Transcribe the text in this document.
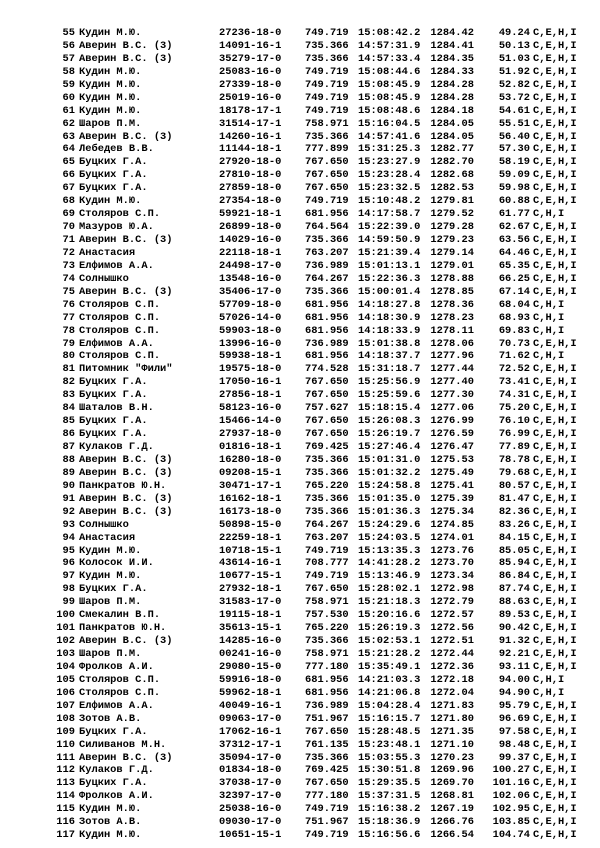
55 Кудин М.Ю.	27236-18-0	749.719 15:08:42.2 1284.42	49.24 C,E,H,I
56 Аверин В.С. (3)	14091-16-1	735.366 14:57:31.9 1284.41	50.13 C,E,H,I
57 Аверин В.С. (3)	35279-17-0	735.366 14:57:33.4 1284.35	51.03 C,E,H,I
58 Кудин М.Ю.	25083-16-0	749.719 15:08:44.6 1284.33	51.92 C,E,H,I
59 Кудин М.Ю.	27339-18-0	749.719 15:08:45.9 1284.28	52.82 C,E,H,I
60 Кудин М.Ю.	25019-16-0	749.719 15:08:45.9 1284.28	53.72 C,E,H,I
61 Кудин М.Ю.	18178-17-1	749.719 15:08:48.6 1284.18	54.61 C,E,H,I
62 Шаров П.М.	31514-17-1	758.971 15:16:04.5 1284.05	55.51 C,E,H,I
63 Аверин В.С. (3)	14260-16-1	735.366 14:57:41.6 1284.05	56.40 C,E,H,I
64 Лебедев В.В.	11144-18-1	777.899 15:31:25.3 1282.77	57.30 C,E,H,I
65 Буцких Г.А.	27920-18-0	767.650 15:23:27.9 1282.70	58.19 C,E,H,I
66 Буцких Г.А.	27810-18-0	767.650 15:23:28.4 1282.68	59.09 C,E,H,I
67 Буцких Г.А.	27859-18-0	767.650 15:23:32.5 1282.53	59.98 C,E,H,I
68 Кудин М.Ю.	27354-18-0	749.719 15:10:48.2 1279.81	60.88 C,E,H,I
69 Столяров С.П.	59921-18-1	681.956 14:17:58.7 1279.52	61.77 C,H,I
70 Мазуров Ю.А.	26899-18-0	764.564 15:22:39.0 1279.28	62.67 C,E,H,I
71 Аверин В.С. (3)	14029-16-0	735.366 14:59:50.9 1279.23	63.56 C,E,H,I
72 Анастасия	22118-18-1	763.207 15:21:39.4 1279.14	64.46 C,E,H,I
73 Елфимов А.А.	24498-17-0	736.989 15:01:13.1 1279.01	65.35 C,E,H,I
74 Солнышко	13548-16-0	764.267 15:22:36.3 1278.88	66.25 C,E,H,I
75 Аверин В.С. (3)	35406-17-0	735.366 15:00:01.4 1278.85	67.14 C,E,H,I
76 Столяров С.П.	57709-18-0	681.956 14:18:27.8 1278.36	68.04 C,H,I
77 Столяров С.П.	57026-14-0	681.956 14:18:30.9 1278.23	68.93 C,H,I
78 Столяров С.П.	59903-18-0	681.956 14:18:33.9 1278.11	69.83 C,H,I
79 Елфимов А.А.	13996-16-0	736.989 15:01:38.8 1278.06	70.73 C,E,H,I
80 Столяров С.П.	59938-18-1	681.956 14:18:37.7 1277.96	71.62 C,H,I
81 Питомник "Фили"	19575-18-0	774.528 15:31:18.7 1277.44	72.52 C,E,H,I
82 Буцких Г.А.	17050-16-1	767.650 15:25:56.9 1277.40	73.41 C,E,H,I
83 Буцких Г.А.	27856-18-1	767.650 15:25:59.6 1277.30	74.31 C,E,H,I
84 Шаталов В.Н.	58123-16-0	757.627 15:18:15.4 1277.06	75.20 C,E,H,I
85 Буцких Г.А.	15466-14-0	767.650 15:26:08.3 1276.99	76.10 C,E,H,I
86 Буцких Г.А.	27937-18-0	767.650 15:26:19.7 1276.59	76.99 C,E,H,I
87 Кулаков Г.Д.	01816-18-1	769.425 15:27:46.4 1276.47	77.89 C,E,H,I
88 Аверин В.С. (3)	16280-18-0	735.366 15:01:31.0 1275.53	78.78 C,E,H,I
89 Аверин В.С. (3)	09208-15-1	735.366 15:01:32.2 1275.49	79.68 C,E,H,I
90 Панкратов Ю.Н.	30471-17-1	765.220 15:24:58.8 1275.41	80.57 C,E,H,I
91 Аверин В.С. (3)	16162-18-1	735.366 15:01:35.0 1275.39	81.47 C,E,H,I
92 Аверин В.С. (3)	16173-18-0	735.366 15:01:36.3 1275.34	82.36 C,E,H,I
93 Солнышко	50898-15-0	764.267 15:24:29.6 1274.85	83.26 C,E,H,I
94 Анастасия	22259-18-1	763.207 15:24:03.5 1274.01	84.15 C,E,H,I
95 Кудин М.Ю.	10718-15-1	749.719 15:13:35.3 1273.76	85.05 C,E,H,I
96 Колосок И.И.	43614-16-1	708.777 14:41:28.2 1273.70	85.94 C,E,H,I
97 Кудин М.Ю.	10677-15-1	749.719 15:13:46.9 1273.34	86.84 C,E,H,I
98 Буцких Г.А.	27932-18-1	767.650 15:28:02.1 1272.98	87.74 C,E,H,I
99 Шаров П.М.	31583-17-0	758.971 15:21:18.3 1272.79	88.63 C,E,H,I
100 Смекалин В.П.	19115-18-1	757.530 15:20:16.6 1272.57	89.53 C,E,H,I
101 Панкратов Ю.Н.	35613-15-1	765.220 15:26:19.3 1272.56	90.42 C,E,H,I
102 Аверин В.С. (3)	14285-16-0	735.366 15:02:53.1 1272.51	91.32 C,E,H,I
103 Шаров П.М.	00241-16-0	758.971 15:21:28.2 1272.44	92.21 C,E,H,I
104 Фролков А.И.	29080-15-0	777.180 15:35:49.1 1272.36	93.11 C,E,H,I
105 Столяров С.П.	59916-18-0	681.956 14:21:03.3 1272.18	94.00 C,H,I
106 Столяров С.П.	59962-18-1	681.956 14:21:06.8 1272.04	94.90 C,H,I
107 Елфимов А.А.	40049-16-1	736.989 15:04:28.4 1271.83	95.79 C,E,H,I
108 Зотов А.В.	09063-17-0	751.967 15:16:15.7 1271.80	96.69 C,E,H,I
109 Буцких Г.А.	17062-16-1	767.650 15:28:48.5 1271.35	97.58 C,E,H,I
110 Силиванов М.Н.	37312-17-1	761.135 15:23:48.1 1271.10	98.48 C,E,H,I
111 Аверин В.С. (3)	35094-17-0	735.366 15:03:55.3 1270.23	99.37 C,E,H,I
112 Кулаков Г.Д.	01834-18-0	769.425 15:30:51.8 1269.96	100.27 C,E,H,I
113 Буцких Г.А.	37038-17-0	767.650 15:29:35.5 1269.70	101.16 C,E,H,I
114 Фролков А.И.	32397-17-0	777.180 15:37:31.5 1268.81	102.06 C,E,H,I
115 Кудин М.Ю.	25038-16-0	749.719 15:16:38.2 1267.19	102.95 C,E,H,I
116 Зотов А.В.	09030-17-0	751.967 15:18:36.9 1266.76	103.85 C,E,H,I
117 Кудин М.Ю.	10651-15-1	749.719 15:16:56.6 1266.54	104.74 C,E,H,I
